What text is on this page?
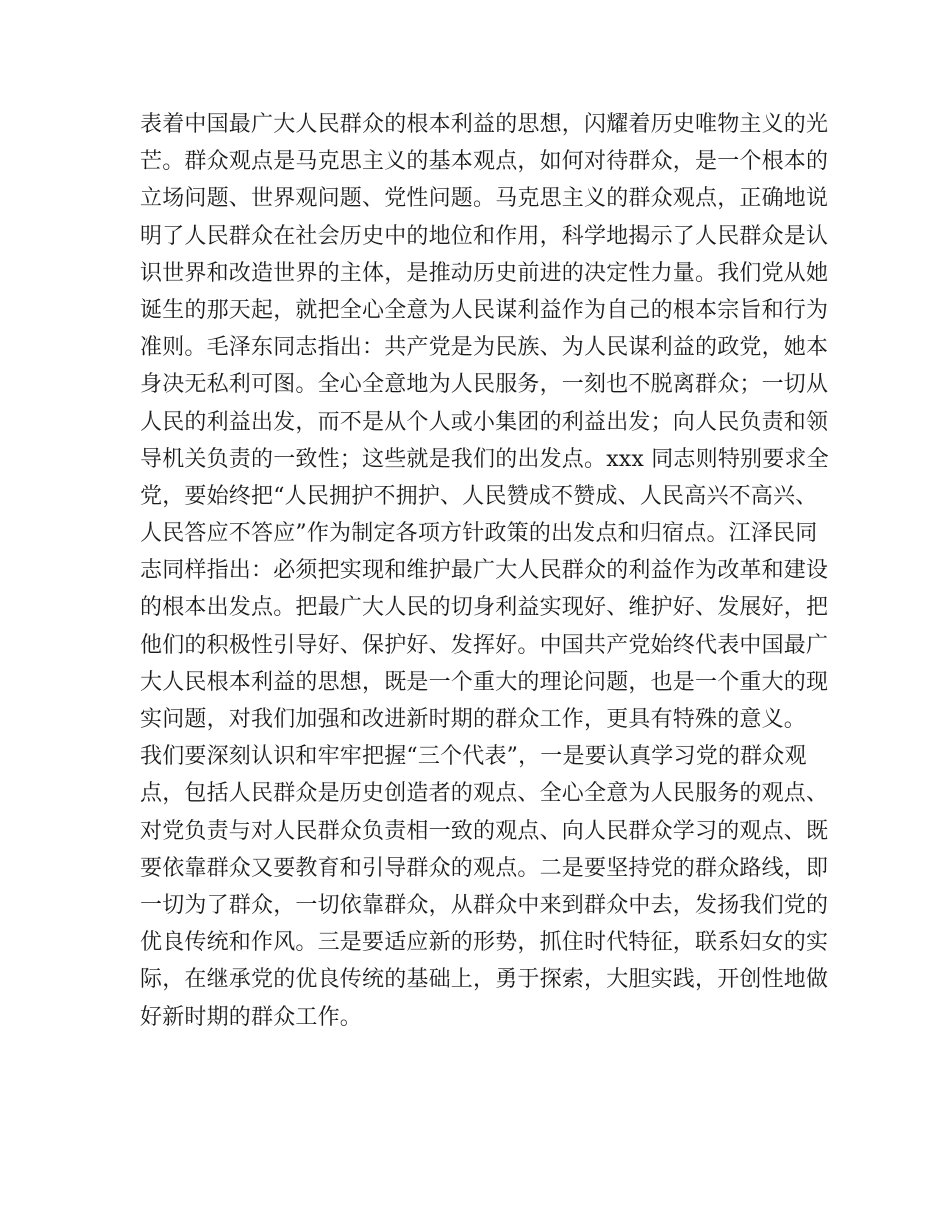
表着中国最广大人民群众的根本利益的思想，闪耀着历史唯物主义的光
芒。群众观点是马克思主义的基本观点，如何对待群众，是一个根本的
立场问题、世界观问题、党性问题。马克思主义的群众观点，正确地说
明了人民群众在社会历史中的地位和作用，科学地揭示了人民群众是认
识世界和改造世界的主体，是推动历史前进的决定性力量。我们党从她
诞生的那天起，就把全心全意为人民谋利益作为自己的根本宗旨和行为
准则。毛泽东同志指出：共产党是为民族、为人民谋利益的政党，她本
身决无私利可图。全心全意地为人民服务，一刻也不脱离群众；一切从
人民的利益出发，而不是从个人或小集团的利益出发；向人民负责和领
导机关负责的一致性；这些就是我们的出发点。xxx 同志则特别要求全
党，要始终把“人民拥护不拥护、人民赞成不赞成、人民高兴不高兴、
人民答应不答应”作为制定各项方针政策的出发点和归宿点。江泽民同
志同样指出：必须把实现和维护最广大人民群众的利益作为改革和建设
的根本出发点。把最广大人民的切身利益实现好、维护好、发展好，把
他们的积极性引导好、保护好、发挥好。中国共产党始终代表中国最广
大人民根本利益的思想，既是一个重大的理论问题，也是一个重大的现
实问题，对我们加强和改进新时期的群众工作，更具有特殊的意义。
我们要深刻认识和牢牢把握“三个代表”，一是要认真学习党的群众观
点，包括人民群众是历史创造者的观点、全心全意为人民服务的观点、
对党负责与对人民群众负责相一致的观点、向人民群众学习的观点、既
要依靠群众又要教育和引导群众的观点。二是要坚持党的群众路线，即
一切为了群众，一切依靠群众，从群众中来到群众中去，发扬我们党的
优良传统和作风。三是要适应新的形势，抓住时代特征，联系妇女的实
际，在继承党的优良传统的基础上，勇于探索，大胆实践，开创性地做
好新时期的群众工作。
